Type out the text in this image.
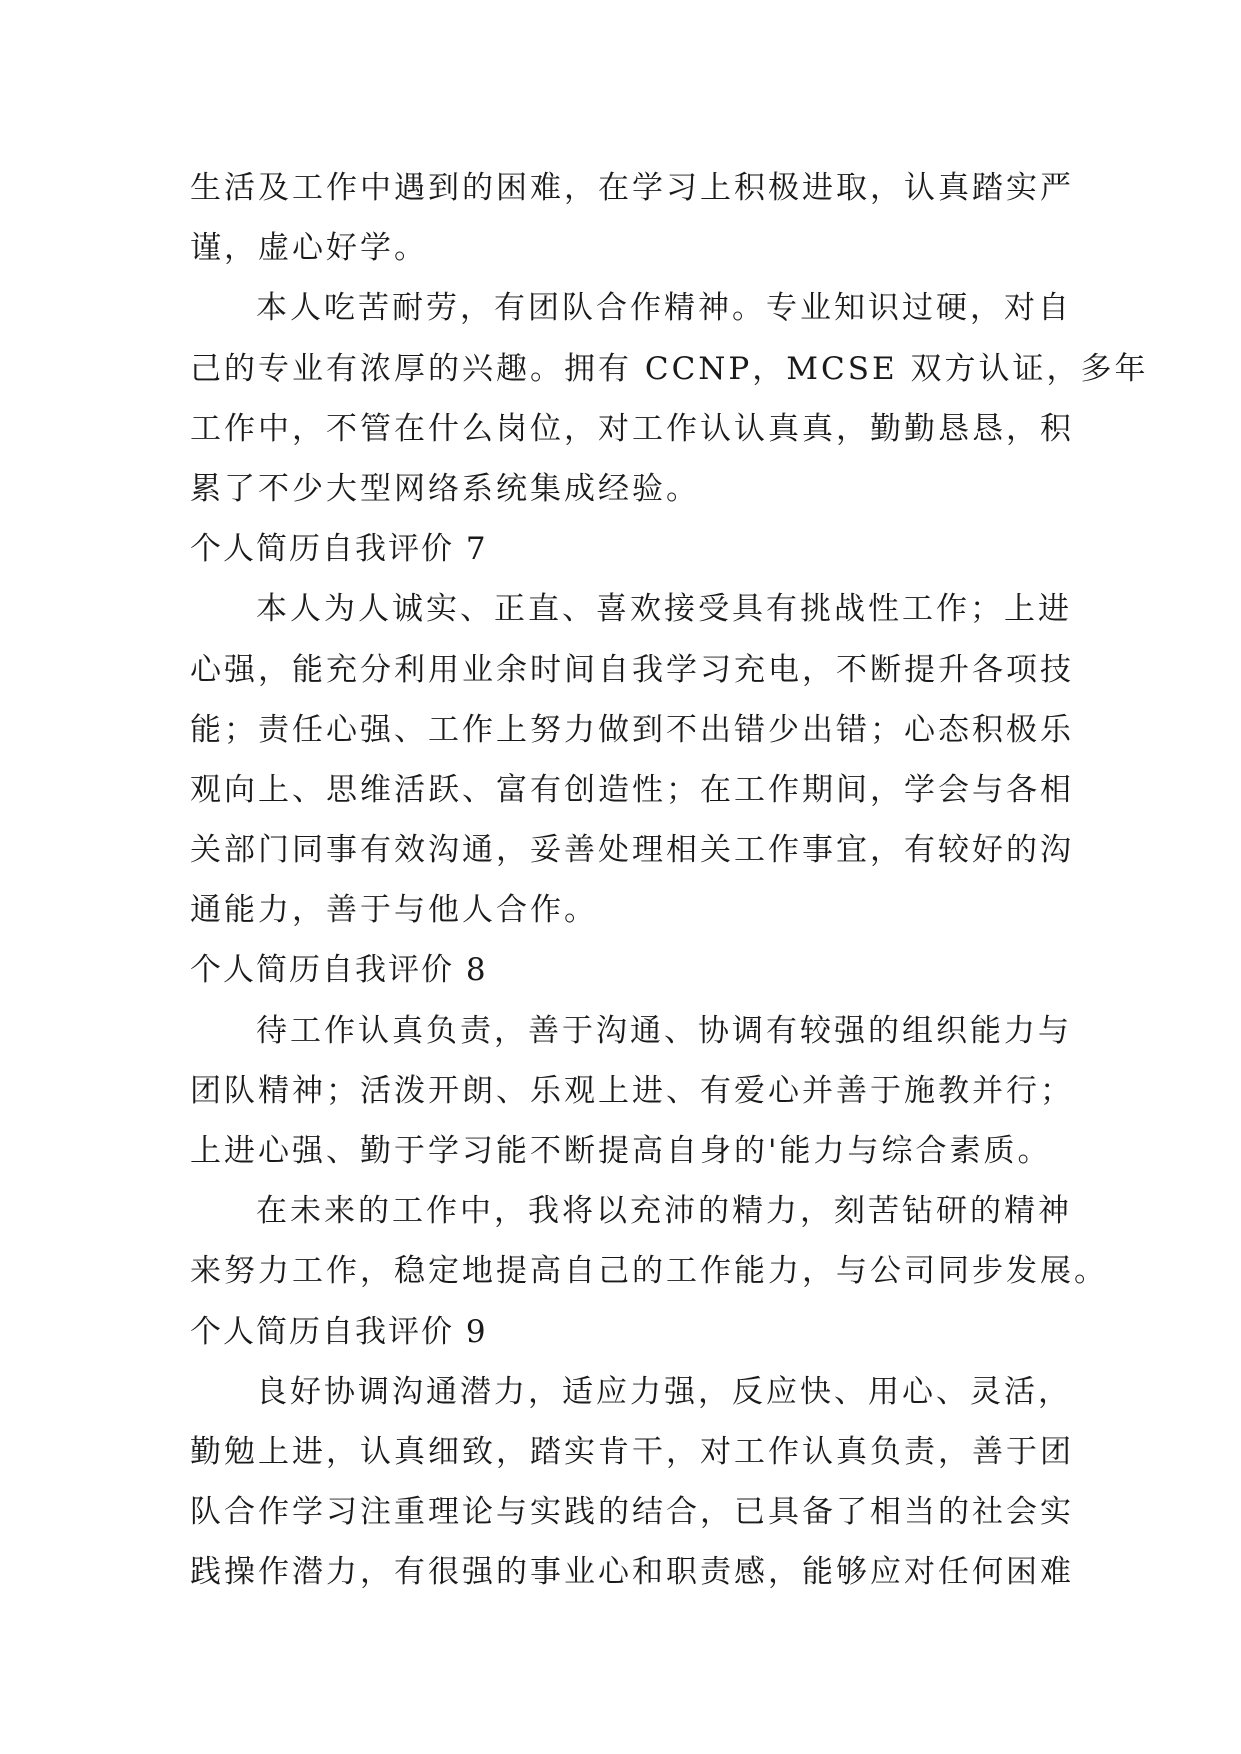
生活及工作中遇到的困难，在学习上积极进取，认真踏实严
谨，虚心好学。
本人吃苦耐劳，有团队合作精神。专业知识过硬，对自
己的专业有浓厚的兴趣。拥有 CCNP，MCSE 双方认证，多年
工作中，不管在什么岗位，对工作认认真真，勤勤恳恳，积
累了不少大型网络系统集成经验。
个人简历自我评价 7
本人为人诚实、正直、喜欢接受具有挑战性工作；上进
心强，能充分利用业余时间自我学习充电，不断提升各项技
能；责任心强、工作上努力做到不出错少出错；心态积极乐
观向上、思维活跃、富有创造性；在工作期间，学会与各相
关部门同事有效沟通，妥善处理相关工作事宜，有较好的沟
通能力，善于与他人合作。
个人简历自我评价 8
待工作认真负责，善于沟通、协调有较强的组织能力与
团队精神；活泼开朗、乐观上进、有爱心并善于施教并行；
上进心强、勤于学习能不断提高自身的'能力与综合素质。
在未来的工作中，我将以充沛的精力，刻苦钻研的精神
来努力工作，稳定地提高自己的工作能力，与公司同步发展。
个人简历自我评价 9
良好协调沟通潜力，适应力强，反应快、用心、灵活，
勤勉上进，认真细致，踏实肯干，对工作认真负责，善于团
队合作学习注重理论与实践的结合，已具备了相当的社会实
践操作潜力，有很强的事业心和职责感，能够应对任何困难
